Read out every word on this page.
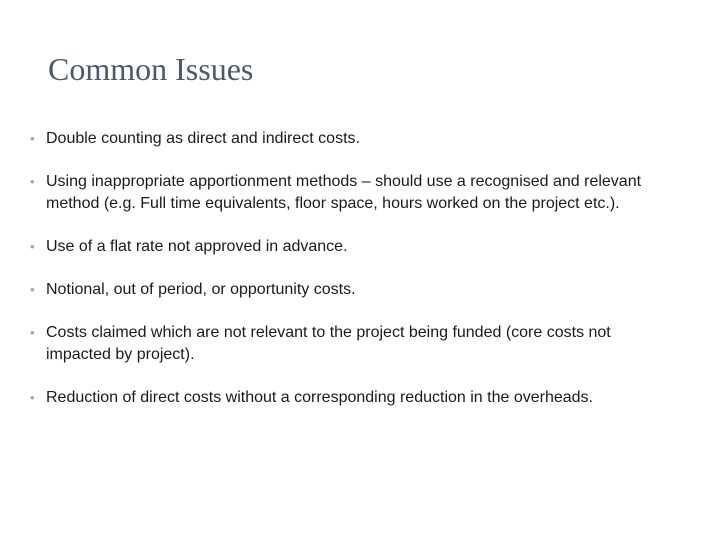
Common Issues
• Double counting as direct and indirect costs.
• Using inappropriate apportionment methods – should use a recognised and relevant method (e.g. Full time equivalents, floor space, hours worked on the project etc.).
• Use of a flat rate not approved in advance.
• Notional, out of period, or opportunity costs.
• Costs claimed which are not relevant to the project being funded (core costs not impacted by project).
• Reduction of direct costs without a corresponding reduction in the overheads.
